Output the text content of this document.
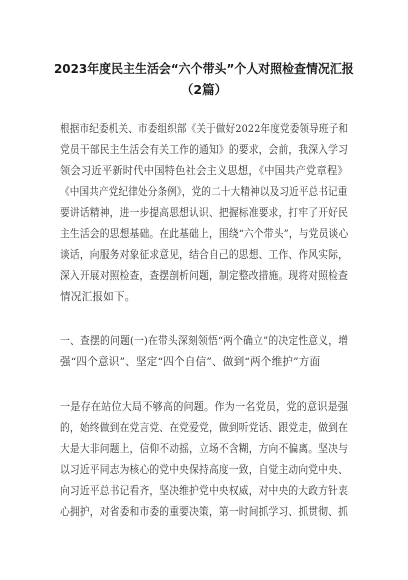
2023年度民主生活会“六个带头”个人对照检查情况汇报
（2篇）
根据市纪委机关、市委组织部《关于做好2022年度党委领导班子和
党员干部民主生活会有关工作的通知》的要求，会前，我深入学习
领会习近平新时代中国特色社会主义思想，《中国共产党章程》
《中国共产党纪律处分条例》，党的二十大精神以及习近平总书记重
要讲话精神，进一步提高思想认识、把握标准要求，打牢了开好民
主生活会的思想基础。在此基础上，围绕“六个带头”，与党员谈心
谈话，向服务对象征求意见，结合自己的思想、工作、作风实际，
深入开展对照检查，查摆剖析问题，制定整改措施。现将对照检查
情况汇报如下。
一、查摆的问题(一)在带头深刻领悟“两个确立”的决定性意义，增
强“四个意识”、坚定“四个自信”、做到“两个维护”方面
一是存在站位大局不够高的问题。作为一名党员，党的意识是强
的，始终做到在党言党、在党爱党，做到听党话、跟党走，做到在
大是大非问题上，信仰不动摇，立场不含糊，方向不偏离。坚决与
以习近平同志为核心的党中央保持高度一致，自觉主动向党中央、
向习近平总书记看齐，坚决维护党中央权威，对中央的大政方针衷
心拥护，对省委和市委的重要决策，第一时间抓学习、抓贯彻、抓
